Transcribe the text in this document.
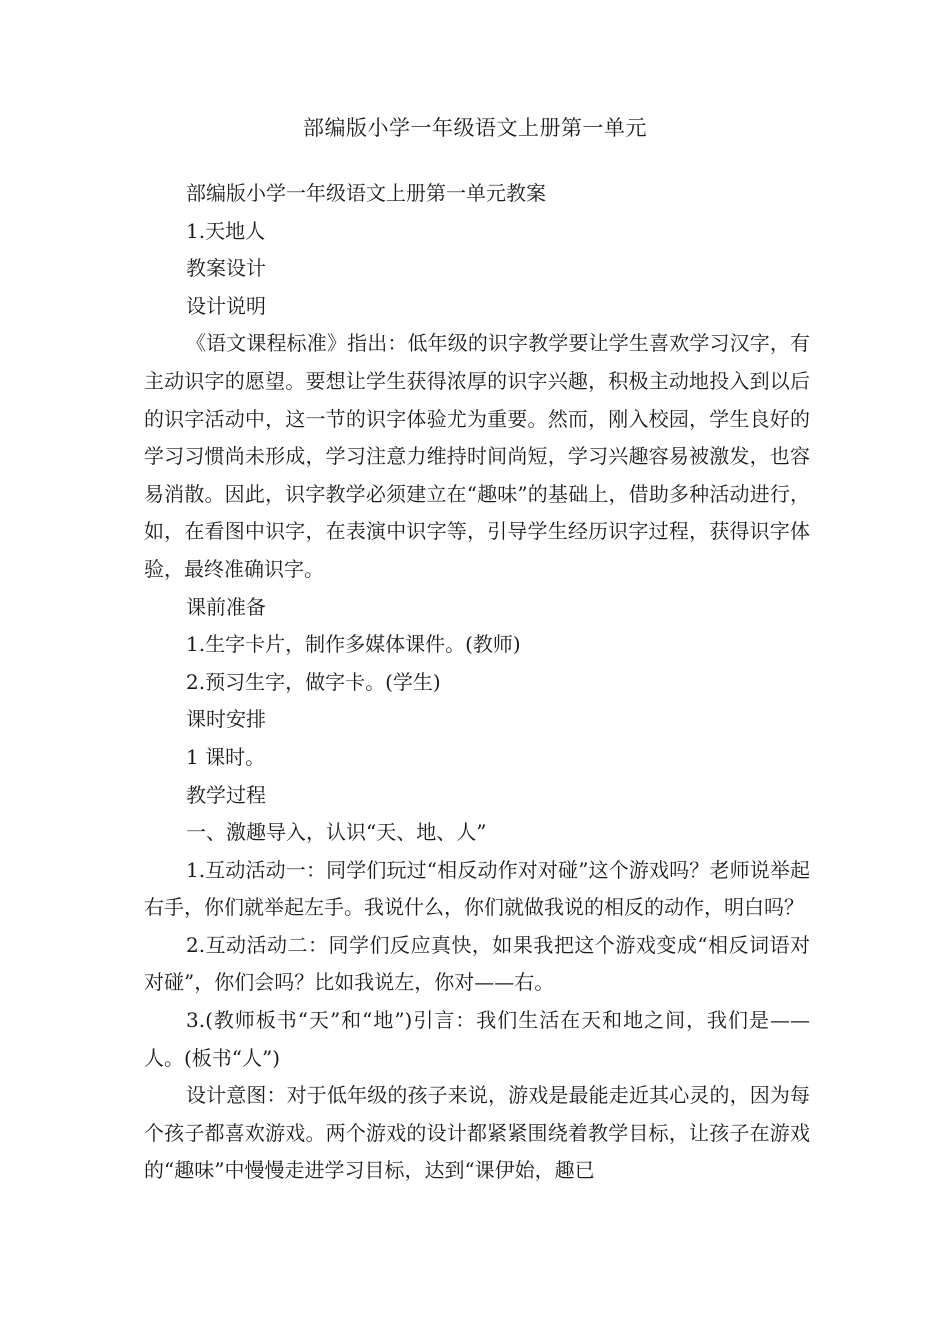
部编版小学一年级语文上册第一单元

部编版小学一年级语文上册第一单元教案

1.天地人

教案设计

设计说明

《语文课程标准》指出：低年级的识字教学要让学生喜欢学习汉字，有主动识字的愿望。要想让学生获得浓厚的识字兴趣，积极主动地投入到以后的识字活动中，这一节的识字体验尤为重要。然而，刚入校园，学生良好的学习习惯尚未形成，学习注意力维持时间尚短，学习兴趣容易被激发，也容易消散。因此，识字教学必须建立在“趣味”的基础上，借助多种活动进行，如，在看图中识字，在表演中识字等，引导学生经历识字过程，获得识字体验，最终准确识字。

课前准备

1.生字卡片，制作多媒体课件。(教师)

2.预习生字，做字卡。(学生)

课时安排

1 课时。

教学过程

一、激趣导入，认识“天、地、人”

1.互动活动一：同学们玩过“相反动作对对碰”这个游戏吗？老师说举起右手，你们就举起左手。我说什么，你们就做我说的相反的动作，明白吗？

2.互动活动二：同学们反应真快，如果我把这个游戏变成“相反词语对对碰”，你们会吗？比如我说左，你对——右。

3.(教师板书“天”和“地”)引言：我们生活在天和地之间，我们是——人。(板书“人”)

设计意图：对于低年级的孩子来说，游戏是最能走近其心灵的，因为每个孩子都喜欢游戏。两个游戏的设计都紧紧围绕着教学目标，让孩子在游戏的“趣味”中慢慢走进学习目标，达到“课伊始，趣已
